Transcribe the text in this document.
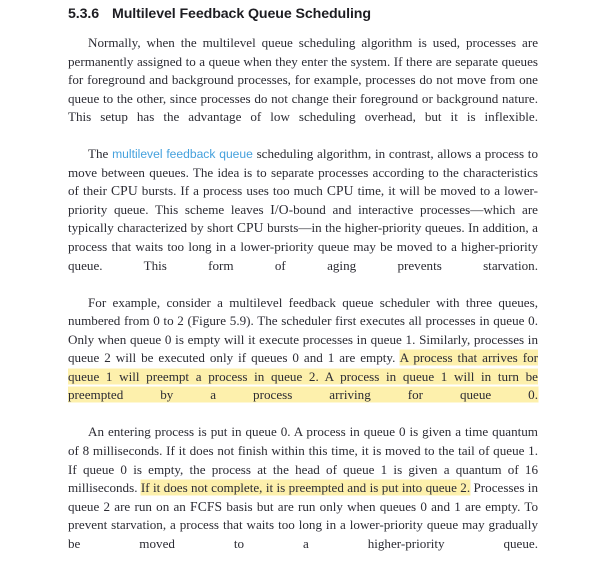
5.3.6 Multilevel Feedback Queue Scheduling

Normally, when the multilevel queue scheduling algorithm is used, processes are permanently assigned to a queue when they enter the system. If there are separate queues for foreground and background processes, for example, processes do not move from one queue to the other, since processes do not change their foreground or background nature. This setup has the advantage of low scheduling overhead, but it is inflexible.

The multilevel feedback queue scheduling algorithm, in contrast, allows a process to move between queues. The idea is to separate processes according to the characteristics of their CPU bursts. If a process uses too much CPU time, it will be moved to a lower-priority queue. This scheme leaves I/O-bound and interactive processes—which are typically characterized by short CPU bursts—in the higher-priority queues. In addition, a process that waits too long in a lower-priority queue may be moved to a higher-priority queue. This form of aging prevents starvation.

For example, consider a multilevel feedback queue scheduler with three queues, numbered from 0 to 2 (Figure 5.9). The scheduler first executes all processes in queue 0. Only when queue 0 is empty will it execute processes in queue 1. Similarly, processes in queue 2 will be executed only if queues 0 and 1 are empty. A process that arrives for queue 1 will preempt a process in queue 2. A process in queue 1 will in turn be preempted by a process arriving for queue 0.

An entering process is put in queue 0. A process in queue 0 is given a time quantum of 8 milliseconds. If it does not finish within this time, it is moved to the tail of queue 1. If queue 0 is empty, the process at the head of queue 1 is given a quantum of 16 milliseconds. If it does not complete, it is preempted and is put into queue 2. Processes in queue 2 are run on an FCFS basis but are run only when queues 0 and 1 are empty. To prevent starvation, a process that waits too long in a lower-priority queue may gradually be moved to a higher-priority queue.
